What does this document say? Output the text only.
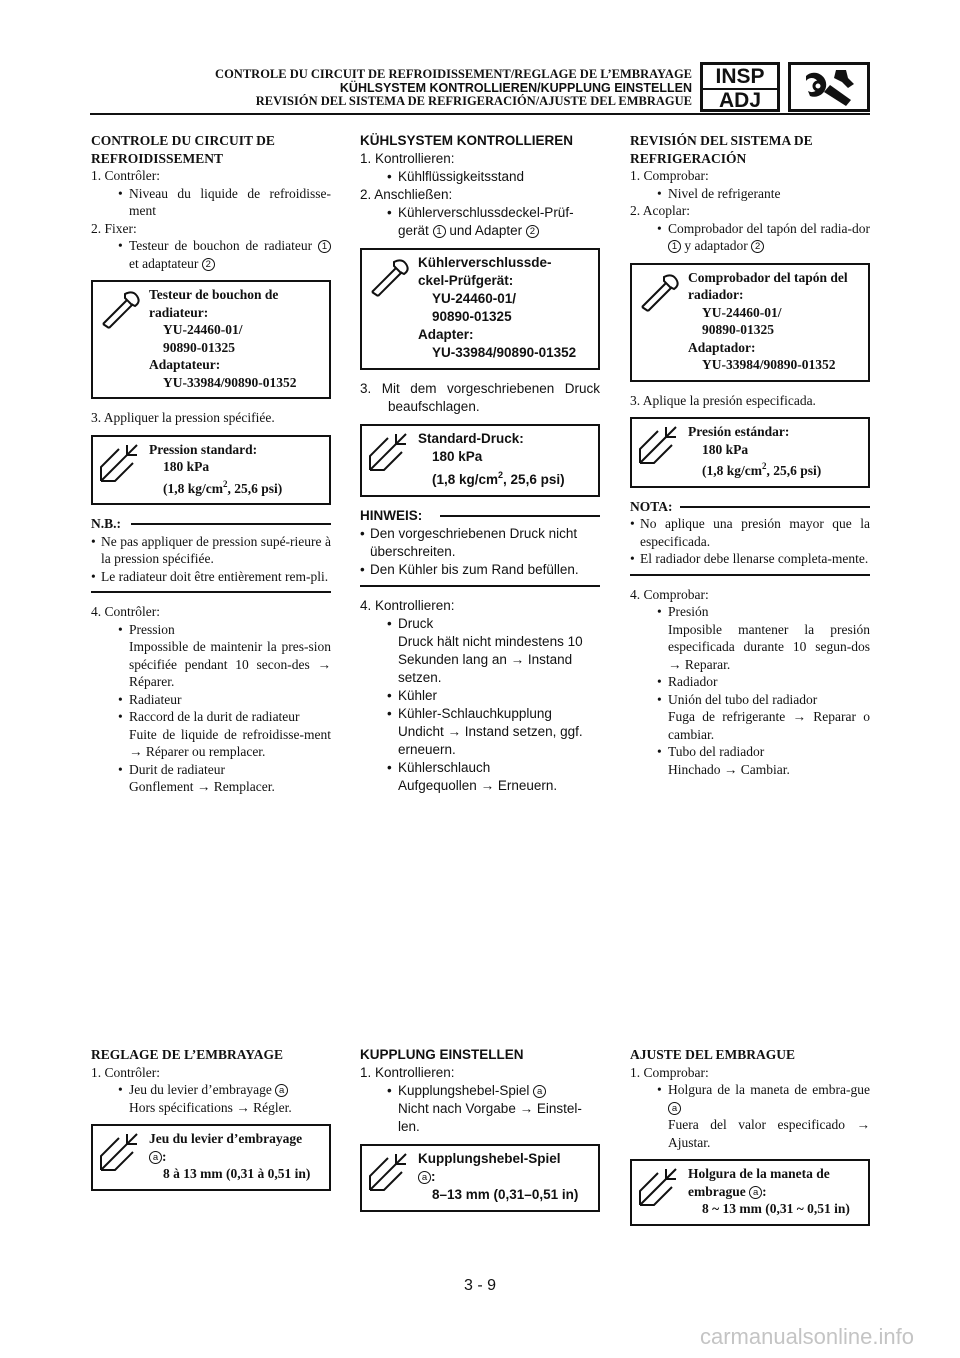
CONTROLE DU CIRCUIT DE REFROIDISSEMENT/REGLAGE DE L’EMBRAYAGE
KÜHLSYSTEM KONTROLLIEREN/KUPPLUNG EINSTELLEN
REVISIÓN DEL SISTEMA DE REFRIGERACIÓN/AJUSTE DEL EMBRAGUE
INSP
ADJ
CONTROLE DU CIRCUIT DE REFROIDISSEMENT
1. Contrôler:
• Niveau du liquide de refroidisse-ment
2. Fixer:
• Testeur de bouchon de radiateur 1 et adaptateur 2
Testeur de bouchon de
radiateur:
YU-24460-01/
90890-01325
Adaptateur:
YU-33984/90890-01352
3. Appliquer la pression spécifiée.
Pression standard:
180 kPa
(1,8 $kg/cm^2$, 25,6 psi)
N.B.:
• Ne pas appliquer de pression supé-rieure à la pression spécifiée.
• Le radiateur doit être entièrement rem-pli.
4. Contrôler:
• Pression
Impossible de maintenir la pres-sion spécifiée pendant 10 secon-des → Réparer.
• Radiateur
• Raccord de la durit de radiateur
Fuite de liquide de refroidisse-ment → Réparer ou remplacer.
• Durit de radiateur
Gonflement → Remplacer.
REGLAGE DE L’EMBRAYAGE
1. Contrôler:
• Jeu du levier d’embrayage a
Hors spécifications → Régler.
Jeu du levier d’embrayage
a :
8 à 13 mm (0,31 à 0,51 in)
KÜHLSYSTEM KONTROLLIEREN
1. Kontrollieren:
• Kühlflüssigkeitsstand
2. Anschließen:
• Kühlerverschlussdeckel-Prüf-gerät 1 und Adapter 2
Kühlerverschlussde-
ckel-Prüfgerät:
YU-24460-01/
90890-01325
Adapter:
YU-33984/90890-01352
3. Mit dem vorgeschriebenen Druck beaufschlagen.
Standard-Druck:
180 kPa
(1,8 $kg/cm^2$, 25,6 psi)
HINWEIS:
• Den vorgeschriebenen Druck nicht überschreiten.
• Den Kühler bis zum Rand befüllen.
4. Kontrollieren:
• Druck
Druck hält nicht mindestens 10 Sekunden lang an → Instand setzen.
• Kühler
• Kühler-Schlauchkupplung
Undicht → Instand setzen, ggf. erneuern.
• Kühlerschlauch
Aufgequollen → Erneuern.
KUPPLUNG EINSTELLEN
1. Kontrollieren:
• Kupplungshebel-Spiel a
Nicht nach Vorgabe → Einstel-len.
Kupplungshebel-Spiel
a :
8–13 mm (0,31–0,51 in)
REVISIÓN DEL SISTEMA DE REFRIGERACIÓN
1. Comprobar:
• Nivel de refrigerante
2. Acoplar:
• Comprobador del tapón del radia-dor 1 y adaptador 2
Comprobador del tapón del
radiador:
YU-24460-01/
90890-01325
Adaptador:
YU-33984/90890-01352
3. Aplique la presión especificada.
Presión estándar:
180 kPa
(1,8 $kg/cm^2$, 25,6 psi)
NOTA:
• No aplique una presión mayor que la especificada.
• El radiador debe llenarse completa-mente.
4. Comprobar:
• Presión
Imposible mantener la presión especificada durante 10 segun-dos → Reparar.
• Radiador
• Unión del tubo del radiador
Fuga de refrigerante → Reparar o cambiar.
• Tubo del radiador
Hinchado → Cambiar.
AJUSTE DEL EMBRAGUE
1. Comprobar:
• Holgura de la maneta de embra-gue a
Fuera del valor especificado → Ajustar.
Holgura de la maneta de
embrague a :
8 ~ 13 mm (0,31 ~ 0,51 in)
3 - 9
carmanualsonline.info
